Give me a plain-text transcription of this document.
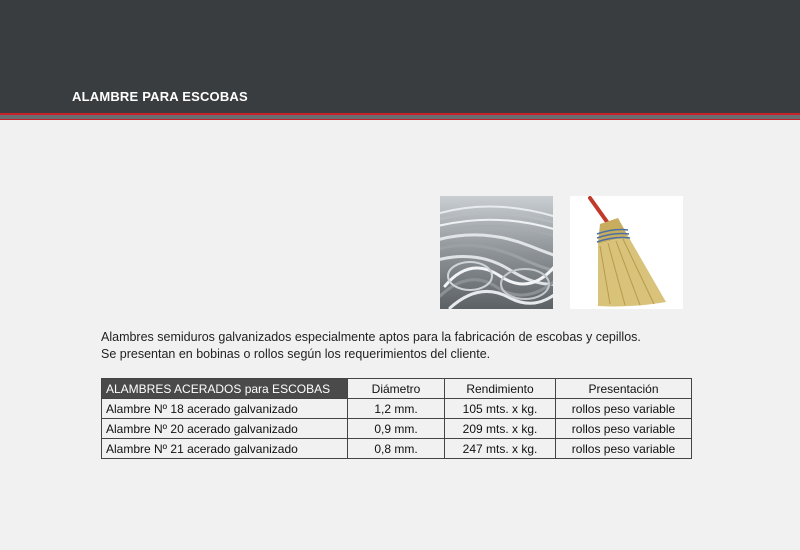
ALAMBRE PARA ESCOBAS

Alambres semiduros galvanizados especialmente aptos para la fabricación de escobas y cepillos.

Se presentan en bobinas o rollos según los requerimientos del cliente.

ALAMBRES ACERADOS para ESCOBAS	Diámetro	Rendimiento	Presentación
Alambre Nº 18 acerado galvanizado	1,2 mm.	105 mts. x kg.	rollos peso variable
Alambre Nº 20 acerado galvanizado	0,9 mm.	209 mts. x kg.	rollos peso variable
Alambre Nº 21 acerado galvanizado	0,8 mm.	247 mts. x kg.	rollos peso variable
